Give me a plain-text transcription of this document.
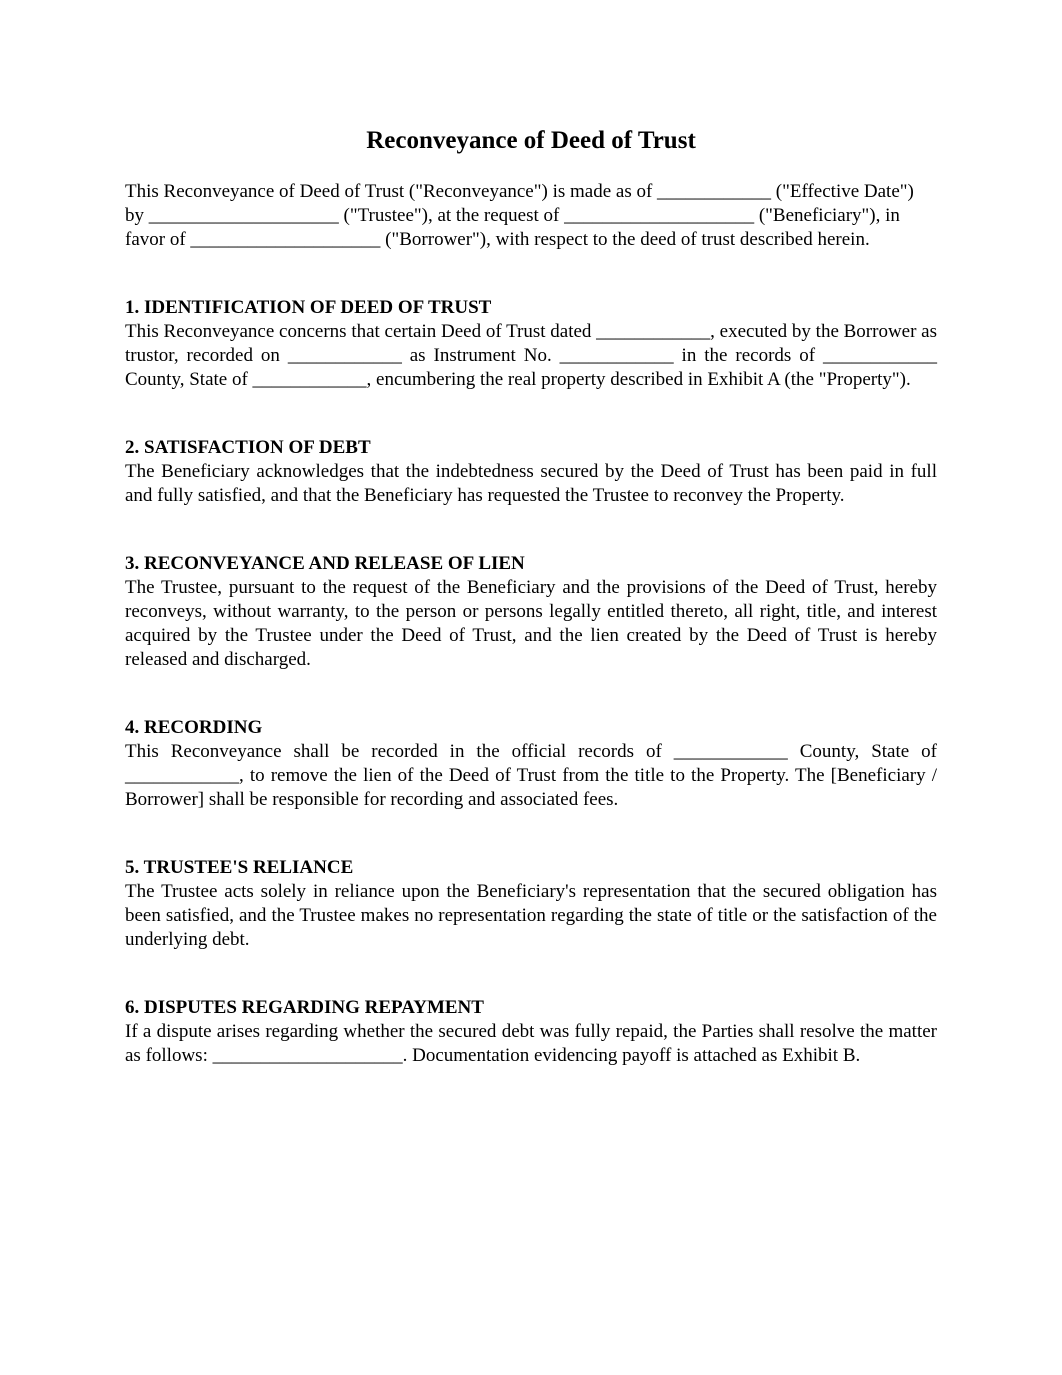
Reconveyance of Deed of Trust

This Reconveyance of Deed of Trust ("Reconveyance") is made as of ____________ ("Effective Date") by ____________________ ("Trustee"), at the request of ____________________ ("Beneficiary"), in favor of ____________________ ("Borrower"), with respect to the deed of trust described herein.

1. IDENTIFICATION OF DEED OF TRUST

This Reconveyance concerns that certain Deed of Trust dated ____________, executed by the Borrower as trustor, recorded on ____________ as Instrument No. ____________ in the records of ____________ County, State of ____________, encumbering the real property described in Exhibit A (the "Property").

2. SATISFACTION OF DEBT

The Beneficiary acknowledges that the indebtedness secured by the Deed of Trust has been paid in full and fully satisfied, and that the Beneficiary has requested the Trustee to reconvey the Property.

3. RECONVEYANCE AND RELEASE OF LIEN

The Trustee, pursuant to the request of the Beneficiary and the provisions of the Deed of Trust, hereby reconveys, without warranty, to the person or persons legally entitled thereto, all right, title, and interest acquired by the Trustee under the Deed of Trust, and the lien created by the Deed of Trust is hereby released and discharged.

4. RECORDING

This Reconveyance shall be recorded in the official records of ____________ County, State of ____________, to remove the lien of the Deed of Trust from the title to the Property. The [Beneficiary / Borrower] shall be responsible for recording and associated fees.

5. TRUSTEE'S RELIANCE

The Trustee acts solely in reliance upon the Beneficiary's representation that the secured obligation has been satisfied, and the Trustee makes no representation regarding the state of title or the satisfaction of the underlying debt.

6. DISPUTES REGARDING REPAYMENT

If a dispute arises regarding whether the secured debt was fully repaid, the Parties shall resolve the matter as follows: ____________________. Documentation evidencing payoff is attached as Exhibit B.
